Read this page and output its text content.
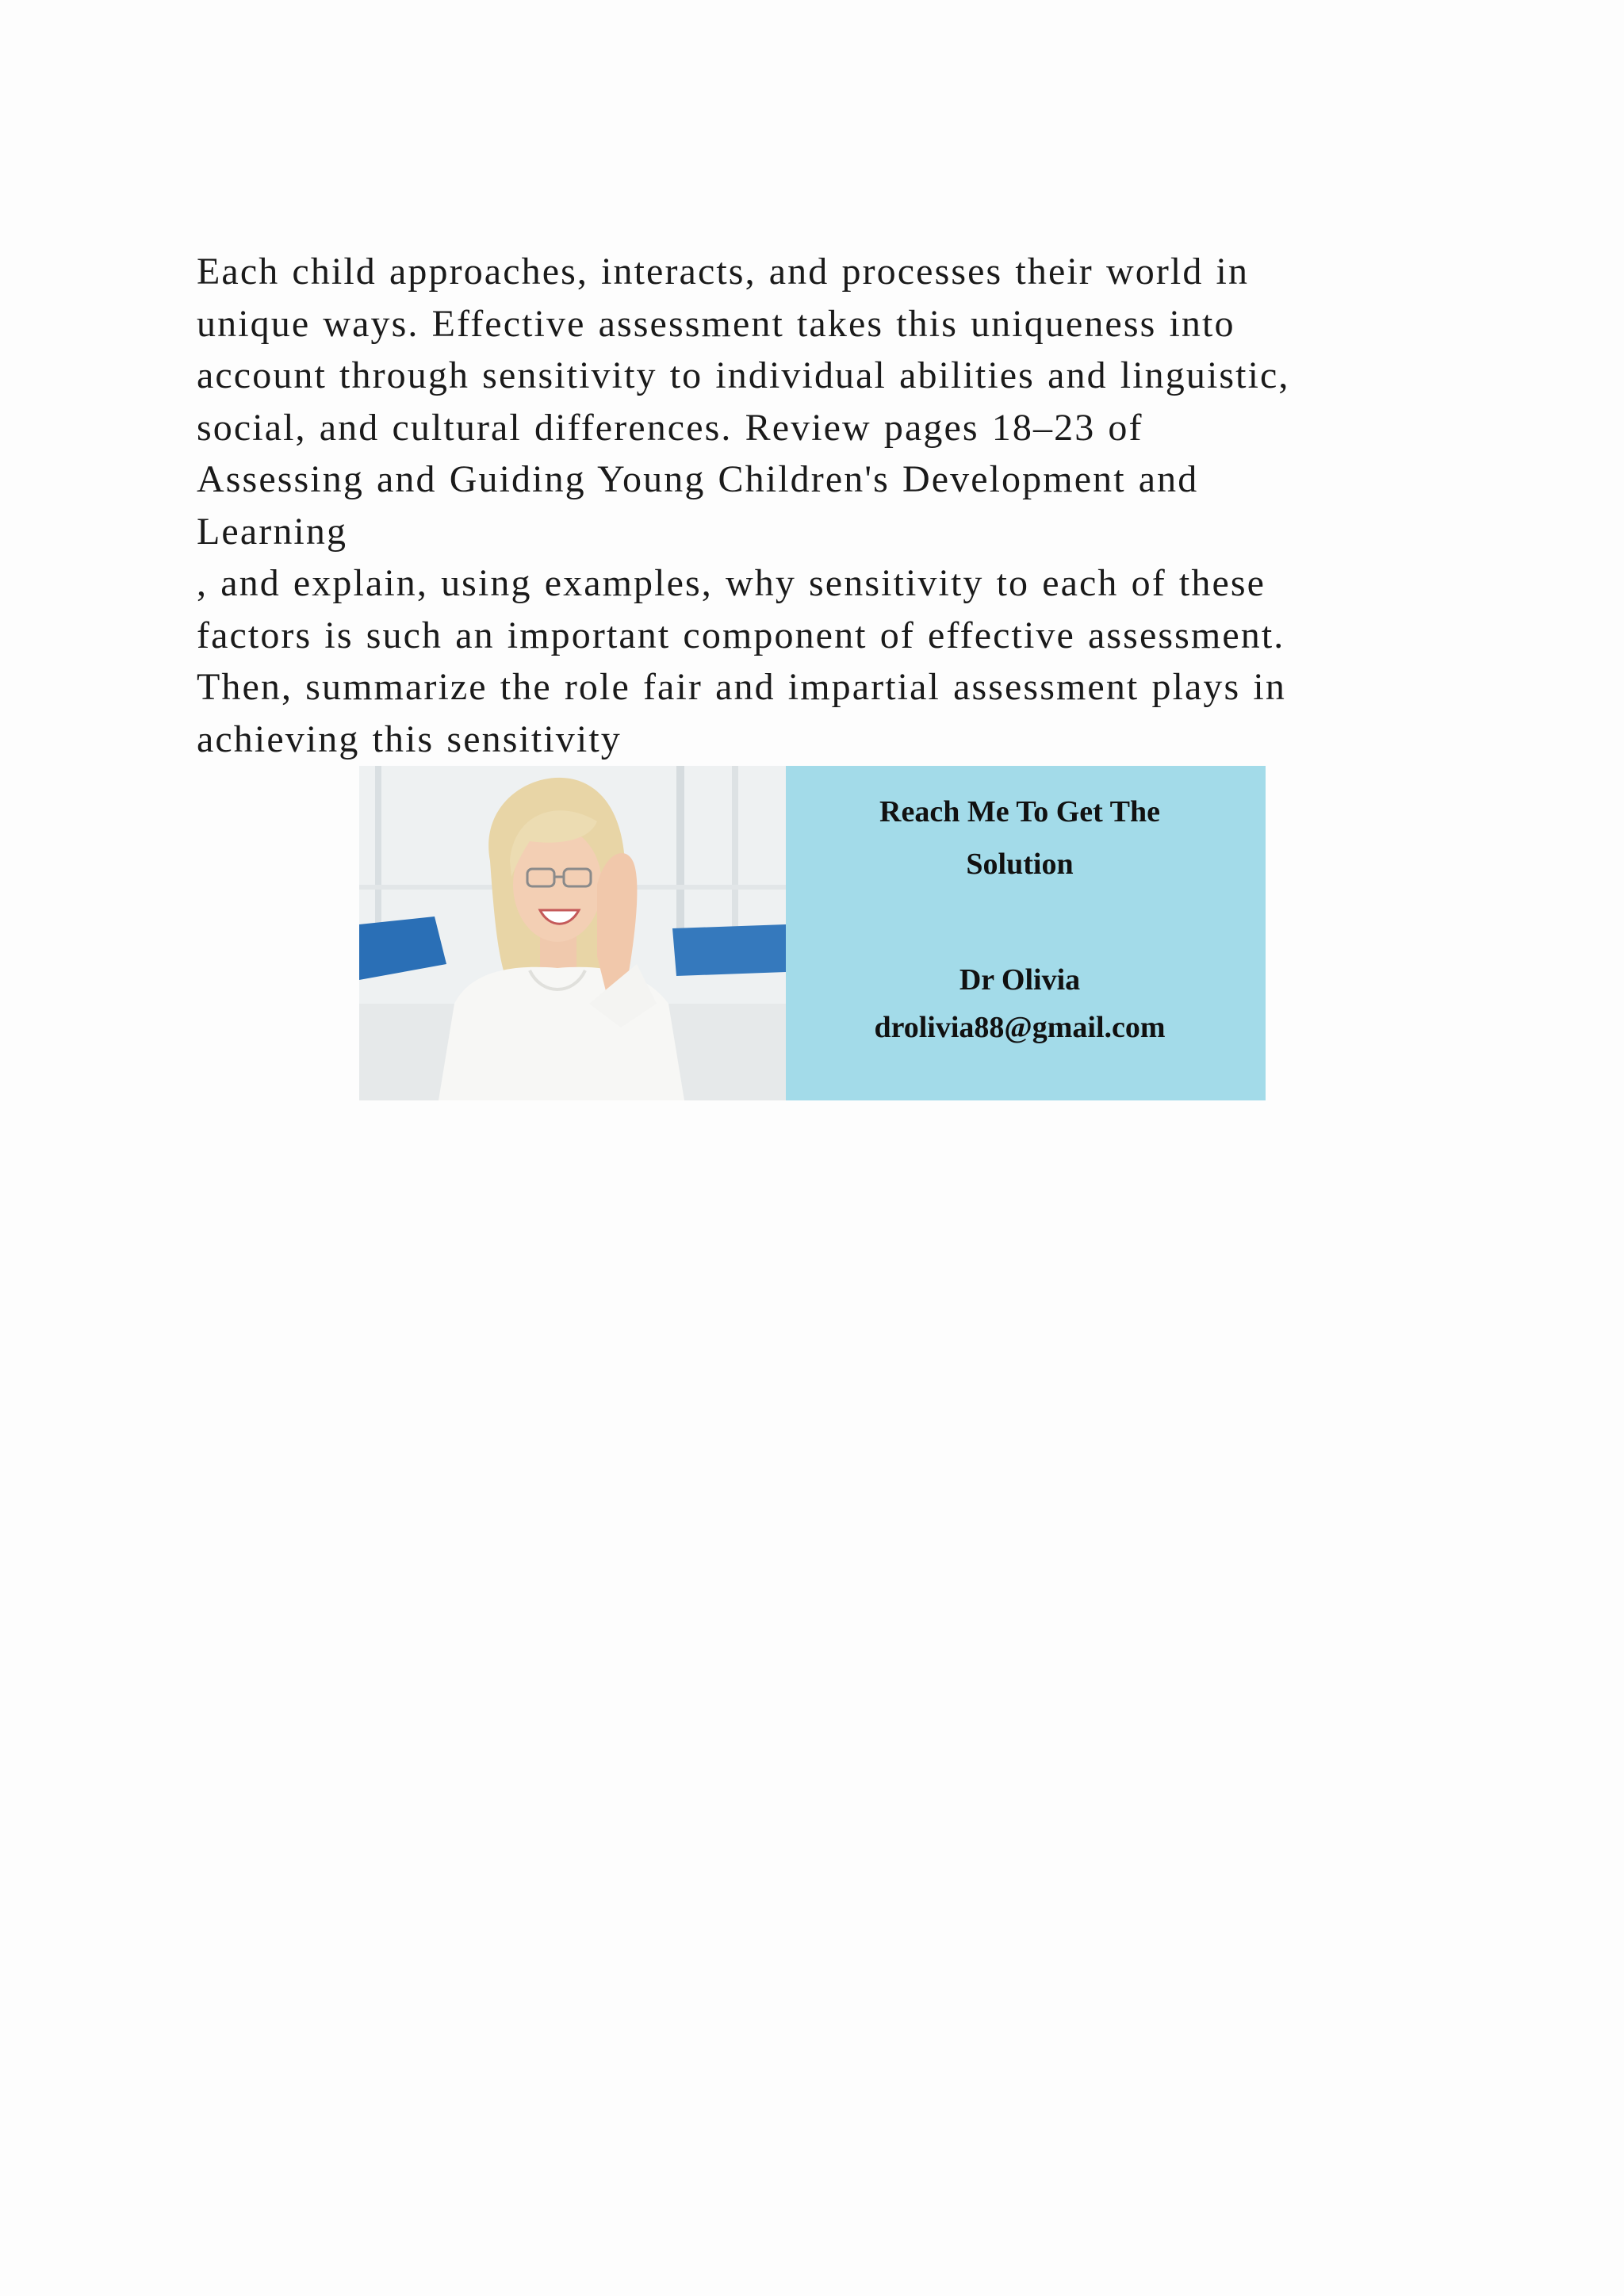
Each child approaches, interacts, and processes their world in
unique ways. Effective assessment takes this uniqueness into
account through sensitivity to individual abilities and linguistic,
social, and cultural differences. Review pages 18–23 of
Assessing and Guiding Young Children's Development and
Learning
, and explain, using examples, why sensitivity to each of these
factors is such an important component of effective assessment.
Then, summarize the role fair and impartial assessment plays in
achieving this sensitivity

Reach Me To Get The
Solution
Dr Olivia
drolivia88@gmail.com
